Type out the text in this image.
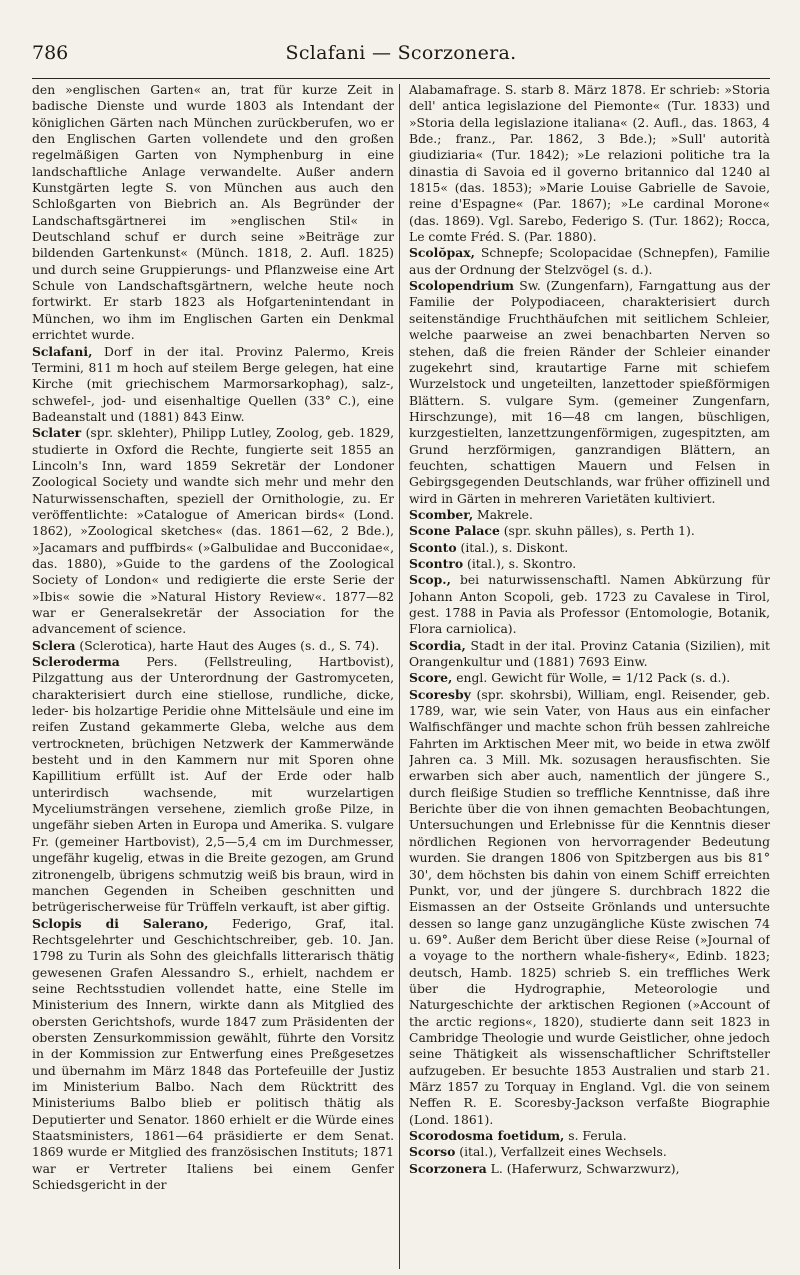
786	Sclafani — Scorzonera.

den »englischen Garten« an, trat für kurze Zeit in badische Dienste und wurde 1803 als Intendant der königlichen Gärten nach München zurückberufen, wo er den Englischen Garten vollendete und den großen regelmäßigen Garten von Nymphenburg in eine landschaftliche Anlage verwandelte. Außer andern Kunstgärten legte S. von München aus auch den Schloßgarten von Biebrich an. Als Begründer der Landschaftsgärtnerei im »englischen Stil« in Deutschland schuf er durch seine »Beiträge zur bildenden Gartenkunst« (Münch. 1818, 2. Aufl. 1825) und durch seine Gruppierungs- und Pflanzweise eine Art Schule von Landschaftsgärtnern, welche heute noch fortwirkt. Er starb 1823 als Hofgartenintendant in München, wo ihm im Englischen Garten ein Denkmal errichtet wurde.

Sclafani, Dorf in der ital. Provinz Palermo, Kreis Termini, 811 m hoch auf steilem Berge gelegen, hat eine Kirche (mit griechischem Marmorsarkophag), salz-, schwefel-, jod- und eisenhaltige Quellen (33° C.), eine Badeanstalt und (1881) 843 Einw.

Sclater (spr. sklehter), Philipp Lutley, Zoolog, geb. 1829, studierte in Oxford die Rechte, fungierte seit 1855 an Lincoln's Inn, ward 1859 Sekretär der Londoner Zoological Society und wandte sich mehr und mehr den Naturwissenschaften, speziell der Ornithologie, zu. Er veröffentlichte: »Catalogue of American birds« (Lond. 1862), »Zoological sketches« (das. 1861—62, 2 Bde.), »Jacamars and puffbirds« (»Galbulidae and Bucconidae«, das. 1880), »Guide to the gardens of the Zoological Society of London« und redigierte die erste Serie der »Ibis« sowie die »Natural History Review«. 1877—82 war er Generalsekretär der Association for the advancement of science.

Sclera (Sclerotica), harte Haut des Auges (s. d., S. 74).

Scleroderma Pers. (Fellstreuling, Hartbovist), Pilzgattung aus der Unterordnung der Gastromyceten, charakterisiert durch eine stiellose, rundliche, dicke, leder- bis holzartige Peridie ohne Mittelsäule und eine im reifen Zustand gekammerte Gleba, welche aus dem vertrockneten, brüchigen Netzwerk der Kammerwände besteht und in den Kammern nur mit Sporen ohne Kapillitium erfüllt ist. Auf der Erde oder halb unterirdisch wachsende, mit wurzelartigen Myceliumsträngen versehene, ziemlich große Pilze, in ungefähr sieben Arten in Europa und Amerika. S. vulgare Fr. (gemeiner Hartbovist), 2,5—5,4 cm im Durchmesser, ungefähr kugelig, etwas in die Breite gezogen, am Grund zitronengelb, übrigens schmutzig weiß bis braun, wird in manchen Gegenden in Scheiben geschnitten und betrügerischerweise für Trüffeln verkauft, ist aber giftig.

Sclopis di Salerano, Federigo, Graf, ital. Rechtsgelehrter und Geschichtschreiber, geb. 10. Jan. 1798 zu Turin als Sohn des gleichfalls litterarisch thätig gewesenen Grafen Alessandro S., erhielt, nachdem er seine Rechtsstudien vollendet hatte, eine Stelle im Ministerium des Innern, wirkte dann als Mitglied des obersten Gerichtshofs, wurde 1847 zum Präsidenten der obersten Zensurkommission gewählt, führte den Vorsitz in der Kommission zur Entwerfung eines Preßgesetzes und übernahm im März 1848 das Portefeuille der Justiz im Ministerium Balbo. Nach dem Rücktritt des Ministeriums Balbo blieb er politisch thätig als Deputierter und Senator. 1860 erhielt er die Würde eines Staatsministers, 1861—64 präsidierte er dem Senat. 1869 wurde er Mitglied des französischen Instituts; 1871 war er Vertreter Italiens bei einem Genfer Schiedsgericht in der

Alabamafrage. S. starb 8. März 1878. Er schrieb: »Storia dell' antica legislazione del Piemonte« (Tur. 1833) und »Storia della legislazione italiana« (2. Aufl., das. 1863, 4 Bde.; franz., Par. 1862, 3 Bde.); »Sull' autorità giudiziaria« (Tur. 1842); »Le relazioni politiche tra la dinastia di Savoia ed il governo britannico dal 1240 al 1815« (das. 1853); »Marie Louise Gabrielle de Savoie, reine d'Espagne« (Par. 1867); »Le cardinal Morone« (das. 1869). Vgl. Sarebo, Federigo S. (Tur. 1862); Rocca, Le comte Fréd. S. (Par. 1880).

Scolŏpax, Schnepfe; Scolopacidae (Schnepfen), Familie aus der Ordnung der Stelzvögel (s. d.).

Scolopendrium Sw. (Zungenfarn), Farngattung aus der Familie der Polypodiaceen, charakterisiert durch seitenständige Fruchthäufchen mit seitlichem Schleier, welche paarweise an zwei benachbarten Nerven so stehen, daß die freien Ränder der Schleier einander zugekehrt sind, krautartige Farne mit schiefem Wurzelstock und ungeteilten, lanzettoder spießförmigen Blättern. S. vulgare Sym. (gemeiner Zungenfarn, Hirschzunge), mit 16—48 cm langen, büschligen, kurzgestielten, lanzettzungenförmigen, zugespitzten, am Grund herzförmigen, ganzrandigen Blättern, an feuchten, schattigen Mauern und Felsen in Gebirgsgegenden Deutschlands, war früher offizinell und wird in Gärten in mehreren Varietäten kultiviert.

Scomber, Makrele.

Scone Palace (spr. skuhn pälles), s. Perth 1).

Sconto (ital.), s. Diskont.

Scontro (ital.), s. Skontro.

Scop., bei naturwissenschaftl. Namen Abkürzung für Johann Anton Scopoli, geb. 1723 zu Cavalese in Tirol, gest. 1788 in Pavia als Professor (Entomologie, Botanik, Flora carniolica).

Scordia, Stadt in der ital. Provinz Catania (Sizilien), mit Orangenkultur und (1881) 7693 Einw.

Score, engl. Gewicht für Wolle, = 1/12 Pack (s. d.).

Scoresby (spr. skohrsbi), William, engl. Reisender, geb. 1789, war, wie sein Vater, von Haus aus ein einfacher Walfischfänger und machte schon früh bessen zahlreiche Fahrten im Arktischen Meer mit, wo beide in etwa zwölf Jahren ca. 3 Mill. Mk. sozusagen herausfischten. Sie erwarben sich aber auch, namentlich der jüngere S., durch fleißige Studien so treffliche Kenntnisse, daß ihre Berichte über die von ihnen gemachten Beobachtungen, Untersuchungen und Erlebnisse für die Kenntnis dieser nördlichen Regionen von hervorragender Bedeutung wurden. Sie drangen 1806 von Spitzbergen aus bis 81° 30', dem höchsten bis dahin von einem Schiff erreichten Punkt, vor, und der jüngere S. durchbrach 1822 die Eismassen an der Ostseite Grönlands und untersuchte dessen so lange ganz unzugängliche Küste zwischen 74 u. 69°. Außer dem Bericht über diese Reise (»Journal of a voyage to the northern whale-fishery«, Edinb. 1823; deutsch, Hamb. 1825) schrieb S. ein treffliches Werk über die Hydrographie, Meteorologie und Naturgeschichte der arktischen Regionen (»Account of the arctic regions«, 1820), studierte dann seit 1823 in Cambridge Theologie und wurde Geistlicher, ohne jedoch seine Thätigkeit als wissenschaftlicher Schriftsteller aufzugeben. Er besuchte 1853 Australien und starb 21. März 1857 zu Torquay in England. Vgl. die von seinem Neffen R. E. Scoresby-Jackson verfaßte Biographie (Lond. 1861).

Scorodosma foetidum, s. Ferula.

Scorso (ital.), Verfallzeit eines Wechsels.

Scorzonera L. (Haferwurz, Schwarzwurz),
